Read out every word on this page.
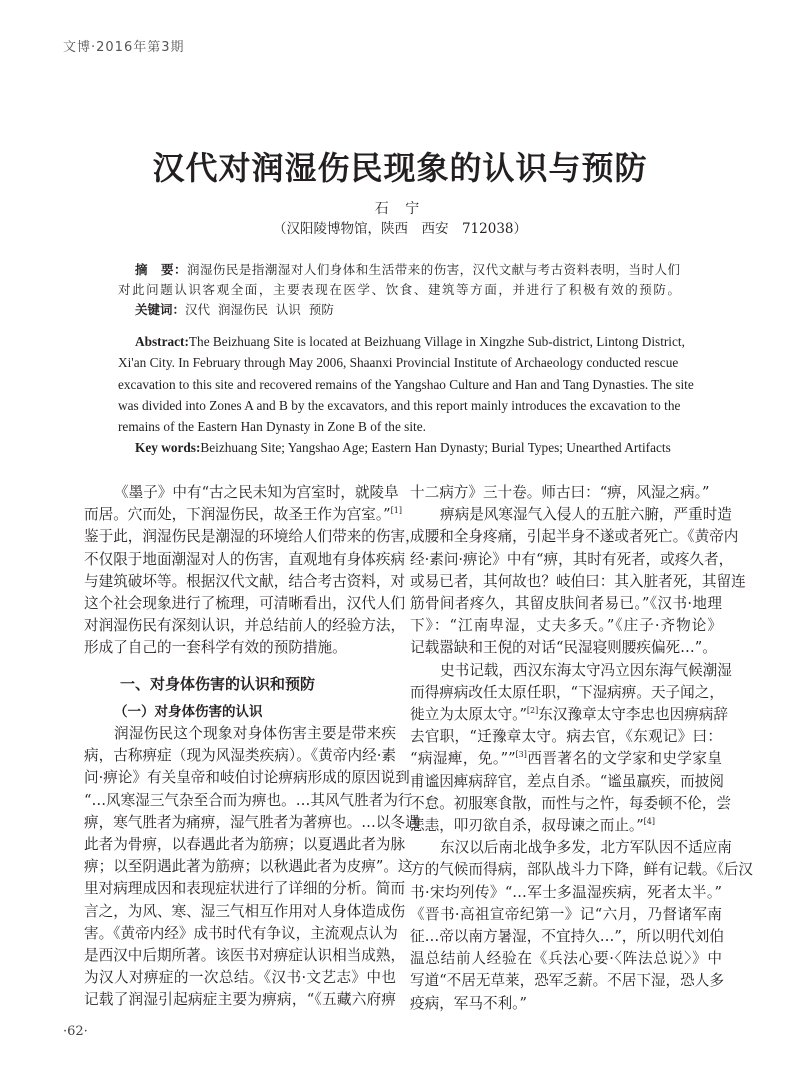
文博·2016年第3期
汉代对润湿伤民现象的认识与预防
石 宁
（汉阳陵博物馆，陕西　西安　712038）
摘　要：润湿伤民是指潮湿对人们身体和生活带来的伤害，汉代文献与考古资料表明，当时人们
对此问题认识客观全面，主要表现在医学、饮食、建筑等方面，并进行了积极有效的预防。
关键词：汉代  润湿伤民  认识  预防
Abstract:The Beizhuang Site is located at Beizhuang Village in Xingzhe Sub-district, Lintong District,
Xi'an City. In February through May 2006, Shaanxi Provincial Institute of Archaeology conducted rescue
excavation to this site and recovered remains of the Yangshao Culture and Han and Tang Dynasties. The site
was divided into Zones A and B by the excavators, and this report mainly introduces the excavation to the
remains of the Eastern Han Dynasty in Zone B of the site.
Key words:Beizhuang Site; Yangshao Age; Eastern Han Dynasty; Burial Types; Unearthed Artifacts
《墨子》中有“古之民未知为宫室时，就陵阜
而居。穴而处，下润湿伤民，故圣王作为宫室。”[1]
鉴于此，润湿伤民是潮湿的环境给人们带来的伤害，
不仅限于地面潮湿对人的伤害，直观地有身体疾病
与建筑破坏等。根据汉代文献，结合考古资料，对
这个社会现象进行了梳理，可清晰看出，汉代人们
对润湿伤民有深刻认识，并总结前人的经验方法，
形成了自己的一套科学有效的预防措施。
一、对身体伤害的认识和预防
（一）对身体伤害的认识
润湿伤民这个现象对身体伤害主要是带来疾
病，古称痹症（现为风湿类疾病）。《黄帝内经·素
问·痹论》有关皇帝和岐伯讨论痹病形成的原因说到
“…风寒湿三气杂至合而为痹也。…其风气胜者为行
痹，寒气胜者为痛痹，湿气胜者为著痹也。…以冬遇
此者为骨痹，以春遇此者为筋痹；以夏遇此者为脉
痹；以至阴遇此著为筋痹；以秋遇此者为皮痹”。这
里对病理成因和表现症状进行了详细的分析。简而
言之，为风、寒、湿三气相互作用对人身体造成伤
害。《黄帝内经》成书时代有争议，主流观点认为
是西汉中后期所著。该医书对痹症认识相当成熟，
为汉人对痹症的一次总结。《汉书·文艺志》中也
记载了润湿引起病症主要为痹病，“《五藏六府痹
十二病方》三十卷。师古曰：“痹，风湿之病。”
痹病是风寒湿气入侵人的五脏六腑，严重时造
成腰和全身疼痛，引起半身不遂或者死亡。《黄帝内
经·素问·痹论》中有“痹，其时有死者，或疼久者，
或易已者，其何故也？岐伯曰：其入脏者死，其留连
筋骨间者疼久，其留皮肤间者易已。”《汉书·地理
下》：“江南卑湿，丈夫多夭。”《庄子·齐物论》
记载嚣缺和王倪的对话“民湿寝则腰疾偏死…”。
史书记载，西汉东海太守冯立因东海气候潮湿
而得痹病改任太原任职，“下湿病痹。天子闻之，
徙立为太原太守。”[2]东汉豫章太守李忠也因痹病辞
去官职，“迁豫章太守。病去官，《东观记》曰：
“病湿痺，免。””[3]西晋著名的文学家和史学家皇
甫谧因痺病辞官，差点自杀。“谧虽羸疾，而披阅
不怠。初服寒食散，而性与之忤，每委顿不伦，尝
悲恚，叩刃欲自杀，叔母谏之而止。”[4]
东汉以后南北战争多发，北方军队因不适应南
方的气候而得病，部队战斗力下降，鲜有记载。《后汉
书·宋均列传》“…军士多温湿疾病，死者太半。”
《晋书·高祖宣帝纪第一》记“六月，乃督诸军南
征…帝以南方暑湿，不宜持久…”，所以明代刘伯
温总结前人经验在《兵法心要·〈阵法总说〉》中
写道“不居无草莱，恐军乏薪。不居下湿，恐人多
疫病，军马不利。”
·62·
